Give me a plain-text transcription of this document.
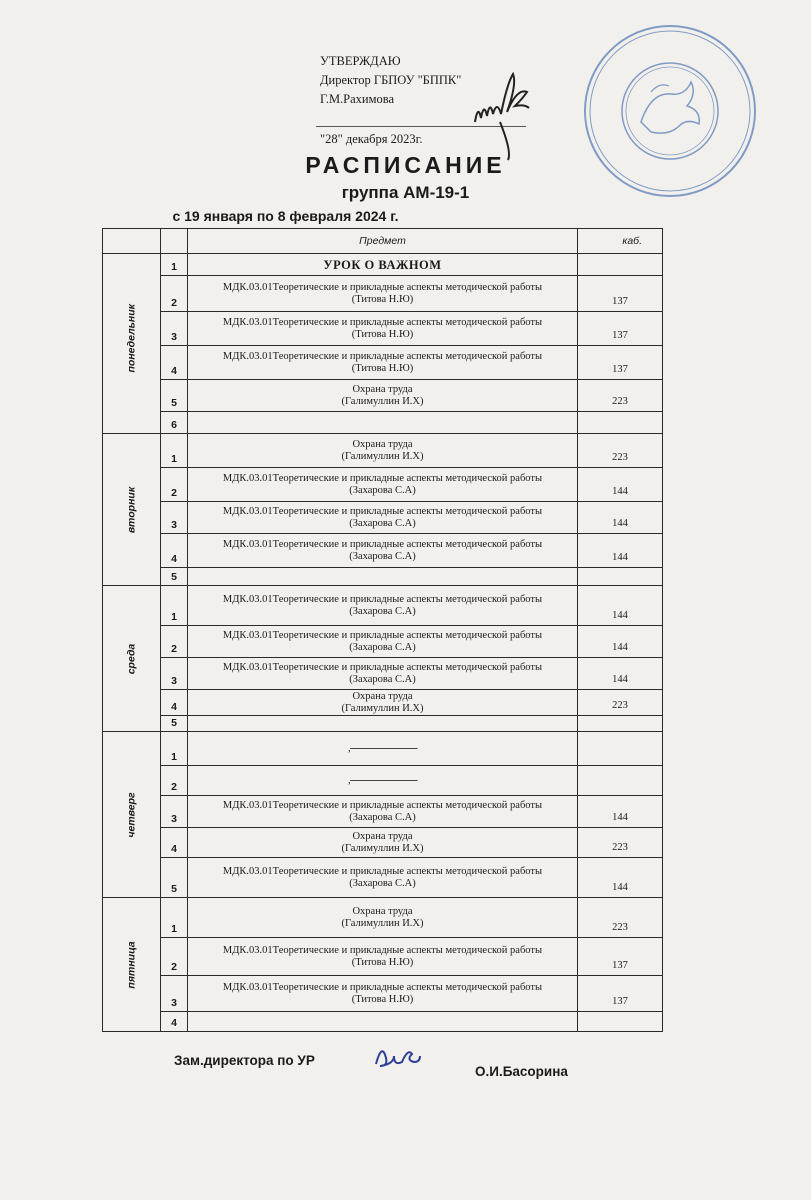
УТВЕРЖДАЮ
Директор ГБПОУ "БППК"
Г.М.Рахимова
"28" декабря 2023г.
РАСПИСАНИЕ
группа АМ-19-1
с 19 января по 8 февраля 2024 г.
		Предмет	каб.

понедельник	1	УРОК О ВАЖНОМ	

	2	МДК.03.01Теоретические и прикладные аспекты методической работы
(Титова Н.Ю)	137
	3	МДК.03.01Теоретические и прикладные аспекты методической работы
(Титова Н.Ю)	137
	4	МДК.03.01Теоретические и прикладные аспекты методической работы
(Титова Н.Ю)	137
	5	Охрана труда
(Галимуллин И.Х)	223
	6	

вторник	1	Охрана труда
(Галимуллин И.Х)	223
	2	МДК.03.01Теоретические и прикладные аспекты методической работы
(Захарова С.А)	144
	3	МДК.03.01Теоретические и прикладные аспекты методической работы
(Захарова С.А)	144
	4	МДК.03.01Теоретические и прикладные аспекты методической работы
(Захарова С.А)	144
	5	

среда	1	МДК.03.01Теоретические и прикладные аспекты методической работы
(Захарова С.А)	144
	2	МДК.03.01Теоретические и прикладные аспекты методической работы
(Захарова С.А)	144
	3	МДК.03.01Теоретические и прикладные аспекты методической работы
(Захарова С.А)	144
	4	Охрана труда
(Галимуллин И.Х)	223
	5	

четверг	1	,---------------------------	

	2	,---------------------------	

	3	МДК.03.01Теоретические и прикладные аспекты методической работы
(Захарова С.А)	144
	4	Охрана труда
(Галимуллин И.Х)	223
	5	МДК.03.01Теоретические и прикладные аспекты методической работы
(Захарова С.А)	144

пятница	1	Охрана труда
(Галимуллин И.Х)	223
	2	МДК.03.01Теоретические и прикладные аспекты методической работы
(Титова Н.Ю)	137
	3	МДК.03.01Теоретические и прикладные аспекты методической работы
(Титова Н.Ю)	137
	4	

Зам.директора по УР
О.И.Басорина
